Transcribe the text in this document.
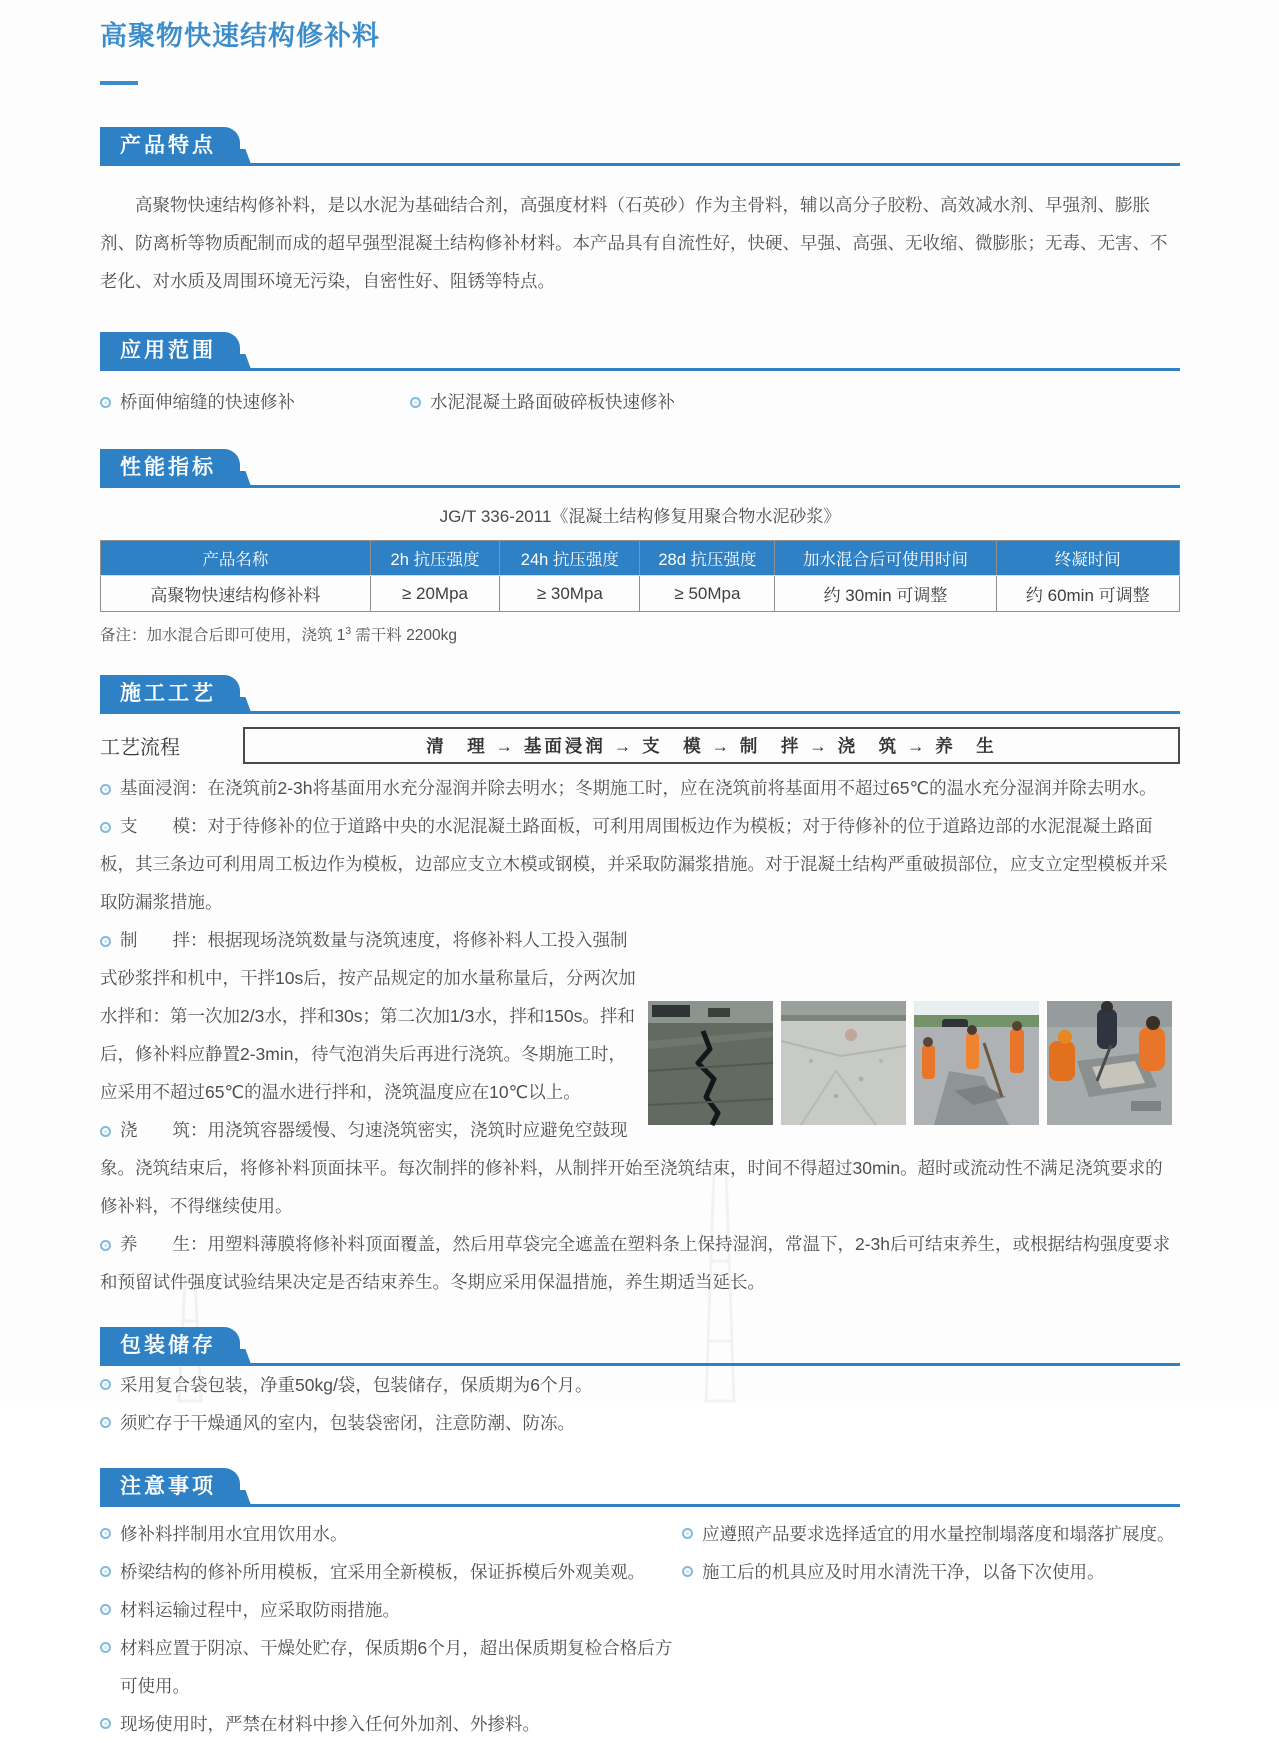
高聚物快速结构修补料
产品特点

高聚物快速结构修补料，是以水泥为基础结合剂，高强度材料（石英砂）作为主骨料，辅以高分子胶粉、高效减水剂、早强剂、膨胀剂、防离析等物质配制而成的超早强型混凝土结构修补材料。本产品具有自流性好，快硬、早强、高强、无收缩、微膨胀；无毒、无害、不老化、对水质及周围环境无污染，自密性好、阻锈等特点。

应用范围
桥面伸缩缝的快速修补	水泥混凝土路面破碎板快速修补
性能指标

JG/T 336-2011《混凝土结构修复用聚合物水泥砂浆》

产品名称	2h 抗压强度	24h 抗压强度	28d 抗压强度	加水混合后可使用时间	终凝时间
高聚物快速结构修补料	≥ 20Mpa	≥ 30Mpa	≥ 50Mpa	约 30min 可调整	约 60min 可调整

备注：加水混合后即可使用，浇筑 $1^3$ 需干料 2200kg

施工工艺
工艺流程	清　理 → 基面浸润 → 支　模 → 制　拌 → 浇　筑 → 养　生

基面浸润：在浇筑前2-3h将基面用水充分湿润并除去明水；冬期施工时，应在浇筑前将基面用不超过65℃的温水充分湿润并除去明水。

支　　模：对于待修补的位于道路中央的水泥混凝土路面板，可利用周围板边作为模板；对于待修补的位于道路边部的水泥混凝土路面板，其三条边可利用周工板边作为模板，边部应支立木模或钢模，并采取防漏浆措施。对于混凝土结构严重破损部位，应支立定型模板并采取防漏浆措施。

制　　拌：根据现场浇筑数量与浇筑速度，将修补料人工投入强制式砂浆拌和机中，干拌10s后，按产品规定的加水量称量后，分两次加水拌和：第一次加2/3水，拌和30s；第二次加1/3水，拌和150s。拌和后，修补料应静置2-3min，待气泡消失后再进行浇筑。冬期施工时，应采用不超过65℃的温水进行拌和，浇筑温度应在10℃以上。

浇　　筑：用浇筑容器缓慢、匀速浇筑密实，浇筑时应避免空鼓现象。浇筑结束后，将修补料顶面抹平。每次制拌的修补料，从制拌开始至浇筑结束，时间不得超过30min。超时或流动性不满足浇筑要求的修补料，不得继续使用。

养　　生：用塑料薄膜将修补料顶面覆盖，然后用草袋完全遮盖在塑料条上保持湿润，常温下，2-3h后可结束养生，或根据结构强度要求和预留试件强度试验结果决定是否结束养生。冬期应采用保温措施，养生期适当延长。

包装储存
采用复合袋包装，净重50kg/袋，包装储存，保质期为6个月。
须贮存于干燥通风的室内，包装袋密闭，注意防潮、防冻。
注意事项
修补料拌制用水宜用饮用水。
桥梁结构的修补所用模板，宜采用全新模板，保证拆模后外观美观。
材料运输过程中，应采取防雨措施。
材料应置于阴凉、干燥处贮存，保质期6个月，超出保质期复检合格后方可使用。
现场使用时，严禁在材料中掺入任何外加剂、外掺料。
应遵照产品要求选择适宜的用水量控制塌落度和塌落扩展度。
施工后的机具应及时用水清洗干净，以备下次使用。
